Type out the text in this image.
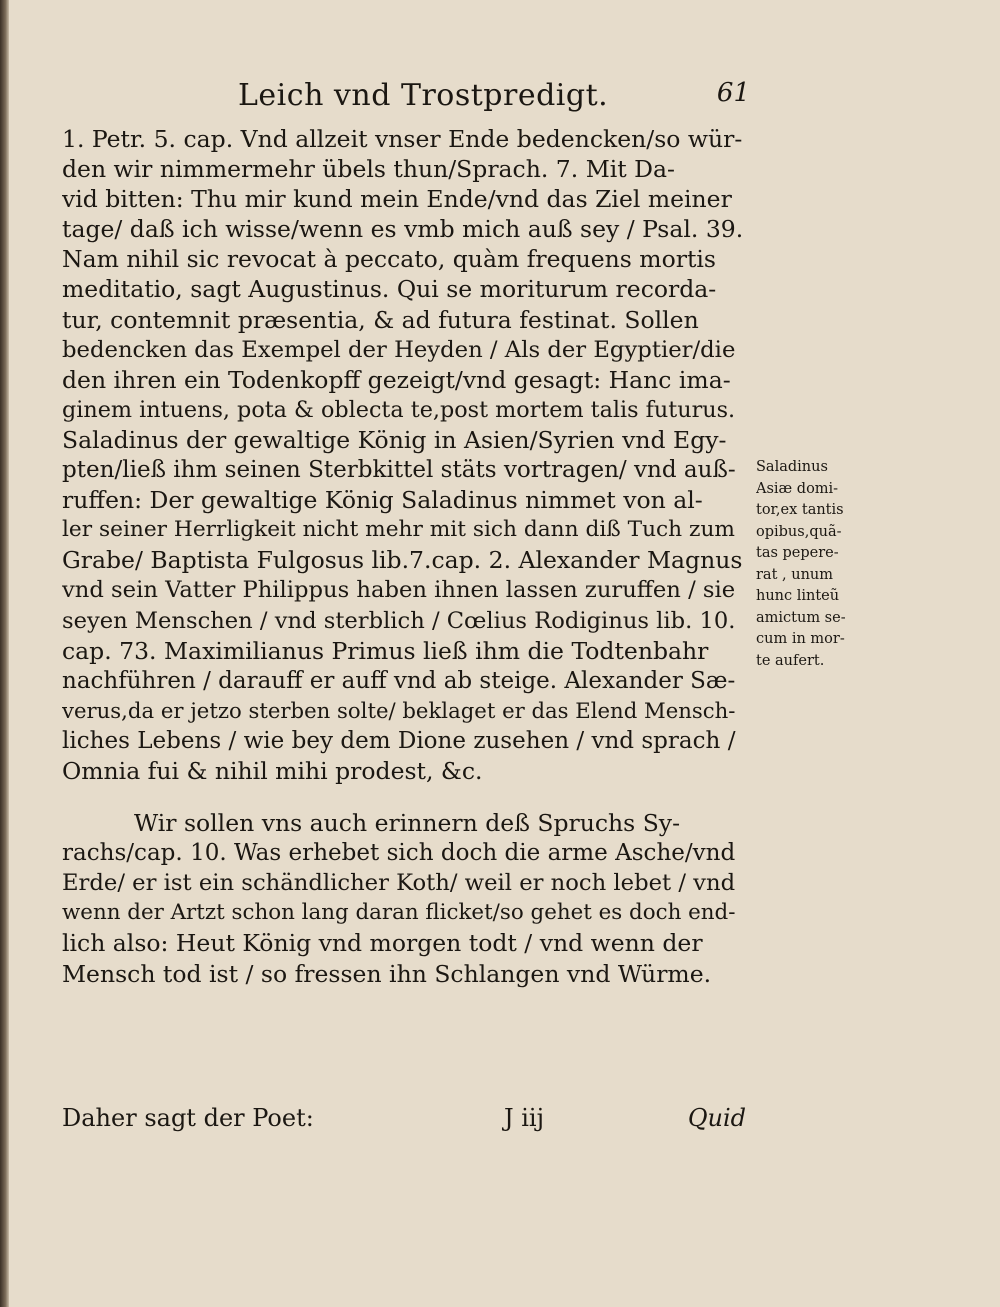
Leich vnd Trostpredigt.	61
1. Petr. 5. cap. Vnd allzeit vnser Ende bedencken/so wür-
den wir nimmermehr übels thun/Sprach. 7. Mit Da-
vid bitten: Thu mir kund mein Ende/vnd das Ziel meiner
tage/ daß ich wisse/wenn es vmb mich auß sey / Psal. 39.
Nam nihil sic revocat à peccato, quàm frequens mortis
meditatio, sagt Augustinus. Qui se moriturum recorda-
tur, contemnit præsentia, & ad futura festinat. Sollen
bedencken das Exempel der Heyden / Als der Egyptier/die
den ihren ein Todenkopff gezeigt/vnd gesagt: Hanc ima-
ginem intuens, pota & oblecta te,post mortem talis futurus.
Saladinus der gewaltige König in Asien/Syrien vnd Egy-
pten/ließ ihm seinen Sterbkittel stäts vortragen/ vnd auß-
ruffen: Der gewaltige König Saladinus nimmet von al-
ler seiner Herrligkeit nicht mehr mit sich dann diß Tuch zum
Grabe/ Baptista Fulgosus lib.7.cap. 2. Alexander Magnus
vnd sein Vatter Philippus haben ihnen lassen zuruffen / sie
seyen Menschen / vnd sterblich / Cœlius Rodiginus lib. 10.
cap. 73. Maximilianus Primus ließ ihm die Todtenbahr
nachführen / darauff er auff vnd ab steige. Alexander Sæ-
verus,da er jetzo sterben solte/ beklaget er das Elend Mensch-
liches Lebens / wie bey dem Dione zusehen / vnd sprach /
Omnia fui & nihil mihi prodest, &c.
Wir sollen vns auch erinnern deß Spruchs Sy-
rachs/cap. 10. Was erhebet sich doch die arme Asche/vnd
Erde/ er ist ein schändlicher Koth/ weil er noch lebet / vnd
wenn der Artzt schon lang daran flicket/so gehet es doch end-
lich also: Heut König vnd morgen todt / vnd wenn der
Mensch tod ist / so fressen ihn Schlangen vnd Würme.
Daher sagt der Poet:	J iij	Quid
Saladinus
Asiæ domi-
tor,ex tantis
opibus,quã-
tas pepere-
rat , unum
hunc linteũ
amictum se-
cum in mor-
te aufert.
